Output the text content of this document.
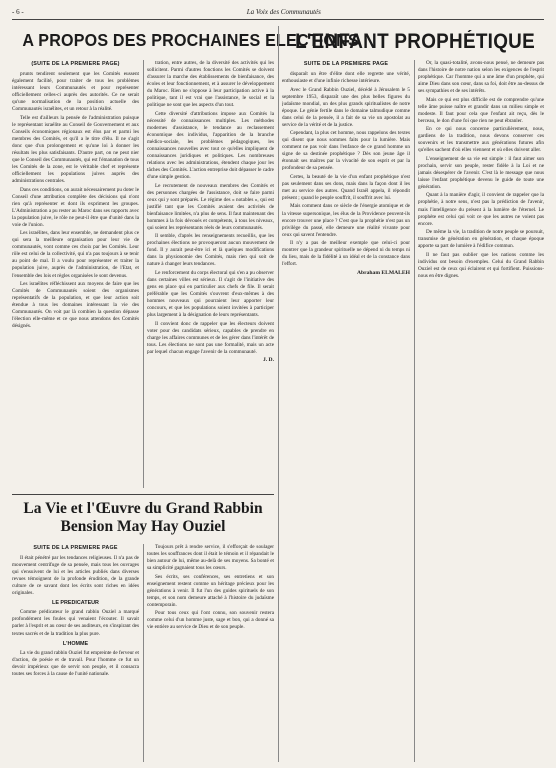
- 6 -	La Voix des Communautés
A PROPOS DES PROCHAINES ELECTIONS
(SUITE DE LA PREMIERE PAGE)

prunts tendirent seulement que les Comités eussent également facilité, pour traiter de tous les problèmes intéressant leurs Communautés et pour représenter officiellement celles-ci auprès des autorités. Ce ne serait qu'une normalisation de la position actuelle des Communautés israélites, et un retour à la réalité.

Telle est d'ailleurs la pensée de l'administration puisque le représentant israélite au Conseil de Gouvernement et aux Conseils économiques régionaux est élus par et parmi les membres des Comités, et qu'il a le titre d'élu. Il ne s'agit donc que d'un prolongement et qu'une loi à donner les résultats les plus satisfaisants. D'autre part, on ne peut nier que le Conseil des Communautés, qui est l'émanation de tous les Comités de la zone, est le véritable chef et représente officiellement les populations juives auprès des administrations centrales.

Dans ces conditions, on aurait nécessairement pu doter le Conseil d'une attribution complète des décisions qui n'ont rien qu'à représenter et dont ils expriment les groupes. L'Administration a pu rester au Maroc dans ses rapports avec la population juive, le rôle ne peut-il être que d'unité dans la voie de l'union.

Les israélites, dans leur ensemble, ne demandent plus ce qui sera la meilleure organisation pour leur vie de communautés, vont comme ces choix par les Comités. Leur rôle est celui de la collectivité, qui n'a pas toujours à se tenir au point de mal. Il a voulu pour représenter et traiter la population juive, auprès de l'administration, de l'Etat, et l'ensemble des lois et règles organisées le sont devenus.

Les israélites réfléchissent aux moyens de faire que les Comités de Communautés soient des organismes représentatifs de la population, et que leur action soit étendue à tous les domaines intéressant la vie des Communautés. On voit par là combien la question dépasse l'élection elle-même et ce que nous attendons des Comités désignés.

tration, entre autres, de la diversité des activités qui les sollicitent. Parmi d'autres fonctions les Comités se doivent d'assurer la marche des établissements de bienfaisance, des écoles et leur fonctionnement, et à assurer le développement du Maroc. Rien ne s'oppose à leur participation active à la politique, tant il est vrai que l'assistance, le social et la politique ne sont que les aspects d'un tout.

Cette diversité d'attributions impose aux Comités la nécessité de connaissances multiples. Les méthodes modernes d'assistance, le tendance au reclassement économique des individus, l'apparition de la branche médico-sociale, les problèmes pédagogiques, les connaissances nouvelles avec tout ce qu'elles impliquent de connaissances juridiques et politiques. Les nombreuses relations avec les administrations, étendent chaque jour les tâches des Comités. L'action entreprise doit dépasser le cadre d'une simple gestion.

Le recrutement de nouveaux membres des Comités et des personnes chargées de l'assistance, doit se faire parmi ceux qui y sont préparés. Le régime des « notables », qui est justifié tant que les Comités avaient des activités de bienfaisance limitées, n'a plus de sens. Il faut maintenant des hommes à la fois dévoués et compétents, à tous les niveaux, qui soient les représentants réels de leurs communautés.

Il semble, d'après les renseignements recueillis, que les prochaines élections ne provoqueront aucun mouvement de fond. Il y aurait peut-être ici et là quelques modifications dans la physionomie des Comités, mais rien qui soit de nature à changer leurs tendances.

Le renforcement du corps électoral qui s'en a pu observer dans certaines villes est sérieux. Il s'agit de l'initiative des gens en place qui en particulier aux chefs de file. Il serait préférable que les Comités s'ouvrent d'eux-mêmes à des hommes nouveaux qui pourraient leur apporter leur concours, et que les populations soient invitées à participer plus largement à la désignation de leurs représentants.

Il convient donc de rappeler que les électeurs doivent voter pour des candidats sérieux, capables de prendre en charge les affaires communes et de les gérer dans l'intérêt de tous. Les élections ne sont pas une formalité, mais un acte par lequel chacun engage l'avenir de la communauté.

J. D.
La Vie et l'Œuvre du Grand Rabbin
Bension May Hay Ouziel
SUITE DE LA PREMIERE PAGE

Il était pénétré par les tendances religieuses. Il n'a pas de mouvement centrifuge de sa pensée, mais tous les ouvrages qui s'ensuivent de lui et les articles publiés dans diverses revues témoignent de la profonde érudition, de la grande culture de ce savant dont les écrits sont riches en idées originales.

LE PREDICATEUR

Comme prédicateur le grand rabbin Ouziel a marqué profondément les foules qui venaient l'écouter. Il savait parler à l'esprit et au cœur de ses auditeurs, en s'inspirant des textes sacrés et de la tradition la plus pure.

L'HOMME

La vie du grand rabbin Ouziel fut empreinte de ferveur et d'action, de poésie et de travail. Pour l'homme ce fut un devoir impérieux que de servir son peuple, et il consacra toutes ses forces à la cause de l'unité nationale.

Toujours prêt à rendre service, il s'efforçait de soulager toutes les souffrances dont il était le témoin et il répandait le bien autour de lui, même au-delà de ses moyens. Sa bonté et sa simplicité gagnaient tous les cœurs.

Ses écrits, ses conférences, ses entretiens et son enseignement restent comme un héritage précieux pour les générations à venir. Il fut l'un des guides spirituels de son temps, et son nom demeure attaché à l'histoire du judaïsme contemporain.

Pour tous ceux qui l'ont connu, son souvenir restera comme celui d'un homme juste, sage et bon, qui a donné sa vie entière au service de Dieu et de son peuple.

L'ENFANT PROPHÉTIQUE
SUITE DE LA PREMIERE PAGE

disparaît un être d'élite dont elle regrette une vérité, enthousiaste et d'une infinie richesse intérieure.

Avec le Grand Rabbin Ouziel, décédé à Jérusalem le 5 septembre 1953, disparaît une des plus belles figures du judaïsme mondial, un des plus grands spiritualistes de notre époque. Le génie fertile dans le domaine talmudique comme dans celui de la pensée, il a fait de sa vie un apostolat au service de la vérité et de la justice.

Cependant, la plus cet homme, nous rappelons des textes qui disent que nous sommes faits pour la lumière. Mais comment ne pas voir dans l'enfance de ce grand homme un signe de sa destinée prophétique ? Dès son jeune âge il étonnait ses maîtres par la vivacité de son esprit et par la profondeur de sa pensée.

Certes, la beauté de la vie d'un enfant prophétique n'est pas seulement dans ses dons, mais dans la façon dont il les met au service des autres. Quand Israël appela, il répondit présent ; quand le peuple souffrit, il souffrit avec lui.

Mais comment dans ce siècle de l'énergie atomique et de la vitesse supersonique, les élus de la Providence peuvent-ils encore trouver une place ? C'est que la prophétie n'est pas un privilège du passé, elle demeure une réalité vivante pour ceux qui savent l'entendre.

Il n'y a pas de meilleur exemple que celui-ci pour montrer que la grandeur spirituelle ne dépend ni du temps ni du lieu, mais de la fidélité à un idéal et de la constance dans l'effort.

Abraham ELMALEH

Or, la quasi-totalité, avons-nous pensé, ne demeure pas dans l'histoire de notre nation selon les exigences de l'esprit prophétique. Car l'homme qui a une âme d'un prophète, qui aime Dieu dans son cœur, dans sa foi, doit être au-dessus de ses sympathies et de ses intérêts.

Mais ce qui est plus difficile est de comprendre qu'une telle âme puisse naître et grandir dans un milieu simple et modeste. Il faut pour cela que l'enfant ait reçu, dès le berceau, le don d'une foi que rien ne peut ébranler.

En ce qui nous concerne particulièrement, nous, gardiens de la tradition, nous devons conserver ces souvenirs et les transmettre aux générations futures afin qu'elles sachent d'où elles viennent et où elles doivent aller.

L'enseignement de sa vie est simple : il faut aimer son prochain, servir son peuple, rester fidèle à la Loi et ne jamais désespérer de l'avenir. C'est là le message que nous laisse l'enfant prophétique devenu le guide de toute une génération.

Quant à la manière d'agir, il convient de rappeler que la prophétie, à notre sens, n'est pas la prédiction de l'avenir, mais l'intelligence du présent à la lumière de l'éternel. Le prophète est celui qui voit ce que les autres ne voient pas encore.

De même la vie, la tradition de notre peuple se poursuit, transmise de génération en génération, et chaque époque apporte sa part de lumière à l'édifice commun.

Il ne faut pas oublier que les nations comme les individus ont besoin d'exemples. Celui du Grand Rabbin Ouziel est de ceux qui éclairent et qui fortifient. Puissions-nous en être dignes.
